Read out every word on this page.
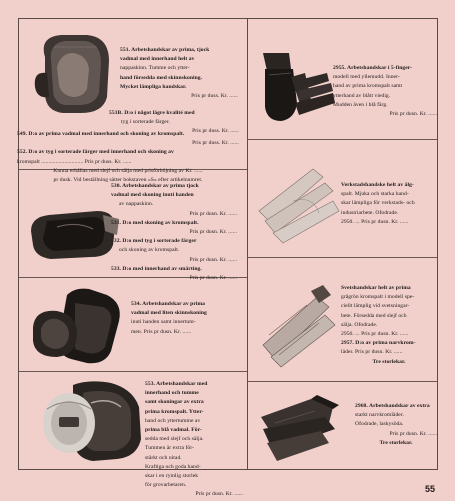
551. Arbetshandskar av prima, tjock

vadmal med innerhand helt av

nappaskinn. Tumme och ytter-

hand försedda med skinnskoning.

Mycket lämpliga handskar.

Pris pr duss. Kr. ......

551B. D:o i något lägre kvalité med

tyg i sorterade färger.

Pris pr duss. Kr. ......

549. D:o av prima vadmal med innerhand och skoning av kromspalt.

Pris pr duss. Kr. ......

552. D:o av tyg i sorterade färger med innerhand och skoning av

kromspalt ............................. Pris pr duss. Kr. ......

Kunna erhållas med slejf och sälja med prisförhöjning av Kr. ......

pr dusk. Vid beställning sätter bokstaven »S» efter artikelnumret.

530. Arbetshandskar av prima tjock

vadmal med skoning inuti handen

av nappaskinn.

Pris pr dusn. Kr. ......

531. D:o med skoning av kromspalt.

Pris pr dusn. Kr. ......

532. D:o med tyg i sorterade färger

och skoning av kromspalt.

Pris pr dusn. Kr. ......

533. D:o med innerhand av smärting.

Pris pr dusn. Kr. ......

534. Arbetshandskar av prima

vadmal med liten skinnskoning

inuti handen samt innertum-

men. Pris pr dusn. Kr. ......

553. Arbetshandskar med

innerhand och tumme

samt skoningar av extra

prima kromspalt. Ytter-

hand och yttertumme av

prima blå vadmal. För-

sedda med slejf och sälja.

Tummen är extra för-

stärkt och nitad.

Kraftiga och goda hand-

skar i en rymlig storlek

för grovarbetaren.

Pris pr dusn. Kr. ......

2955. Arbetshandskar i 5-finger-

modell med yllemudd. Inner-

hand av prima kromspalt samt

ytterhand av blått viedig.

Mudden även i blå färg.

Pris pr dusn. Kr. ......

Verkstadshandske helt av älg-

spalt. Mjuka och starka hand-

skar lämpliga för verkstads- och

industriarbete. Ofodrade.

2950. ... Pris pr dusn. Kr. ......

Svetshandskar helt av prima

grågrön kromspalt i modell spe-

ciellt lämplig vid svetsningar-

bete. Försedda med slejf och

sälja. Ofodrade.

2956. ... Pris pr dusn. Kr. ......

2957. D:o av prima narvkrom-

läder. Pris pr dusn. Kr. ......

Tre storlekar.

2968. Arbetshandskar av extra

starkt narvkromläder.

Ofodrade, laskysöda.

Pris pr dusn. Kr. ......

Tre storlekar.

55
